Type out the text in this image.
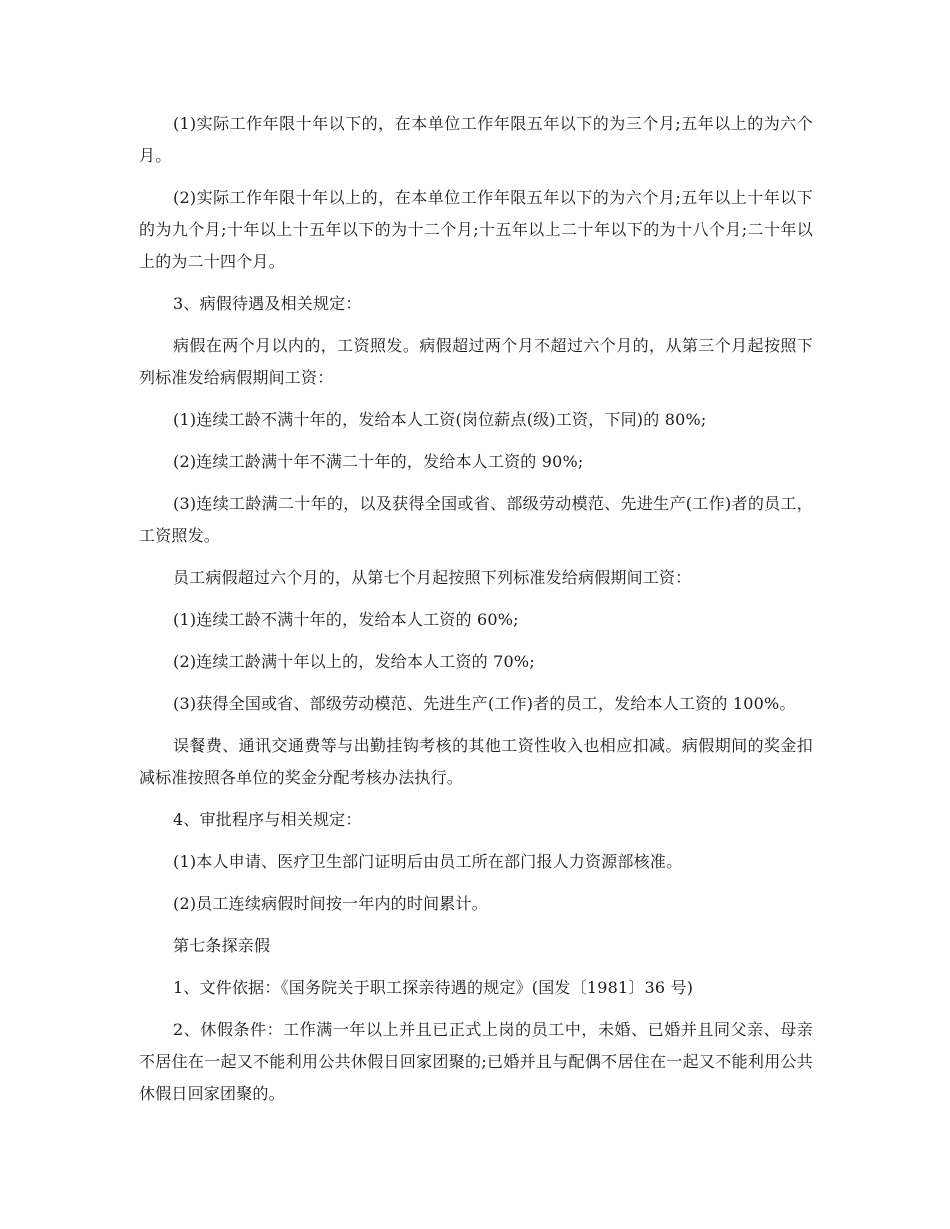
(1)实际工作年限十年以下的，在本单位工作年限五年以下的为三个月;五年以上的为六个月。

(2)实际工作年限十年以上的，在本单位工作年限五年以下的为六个月;五年以上十年以下的为九个月;十年以上十五年以下的为十二个月;十五年以上二十年以下的为十八个月;二十年以上的为二十四个月。

3、病假待遇及相关规定：

病假在两个月以内的，工资照发。病假超过两个月不超过六个月的，从第三个月起按照下列标准发给病假期间工资：

(1)连续工龄不满十年的，发给本人工资(岗位薪点(级)工资，下同)的 80%;

(2)连续工龄满十年不满二十年的，发给本人工资的 90%;

(3)连续工龄满二十年的，以及获得全国或省、部级劳动模范、先进生产(工作)者的员工，工资照发。

员工病假超过六个月的，从第七个月起按照下列标准发给病假期间工资：

(1)连续工龄不满十年的，发给本人工资的 60%;

(2)连续工龄满十年以上的，发给本人工资的 70%;

(3)获得全国或省、部级劳动模范、先进生产(工作)者的员工，发给本人工资的 100%。

误餐费、通讯交通费等与出勤挂钩考核的其他工资性收入也相应扣减。病假期间的奖金扣减标准按照各单位的奖金分配考核办法执行。

4、审批程序与相关规定：

(1)本人申请、医疗卫生部门证明后由员工所在部门报人力资源部核准。

(2)员工连续病假时间按一年内的时间累计。

第七条探亲假

1、文件依据：《国务院关于职工探亲待遇的规定》(国发〔1981〕36 号)

2、休假条件：工作满一年以上并且已正式上岗的员工中，未婚、已婚并且同父亲、母亲不居住在一起又不能利用公共休假日回家团聚的;已婚并且与配偶不居住在一起又不能利用公共休假日回家团聚的。
